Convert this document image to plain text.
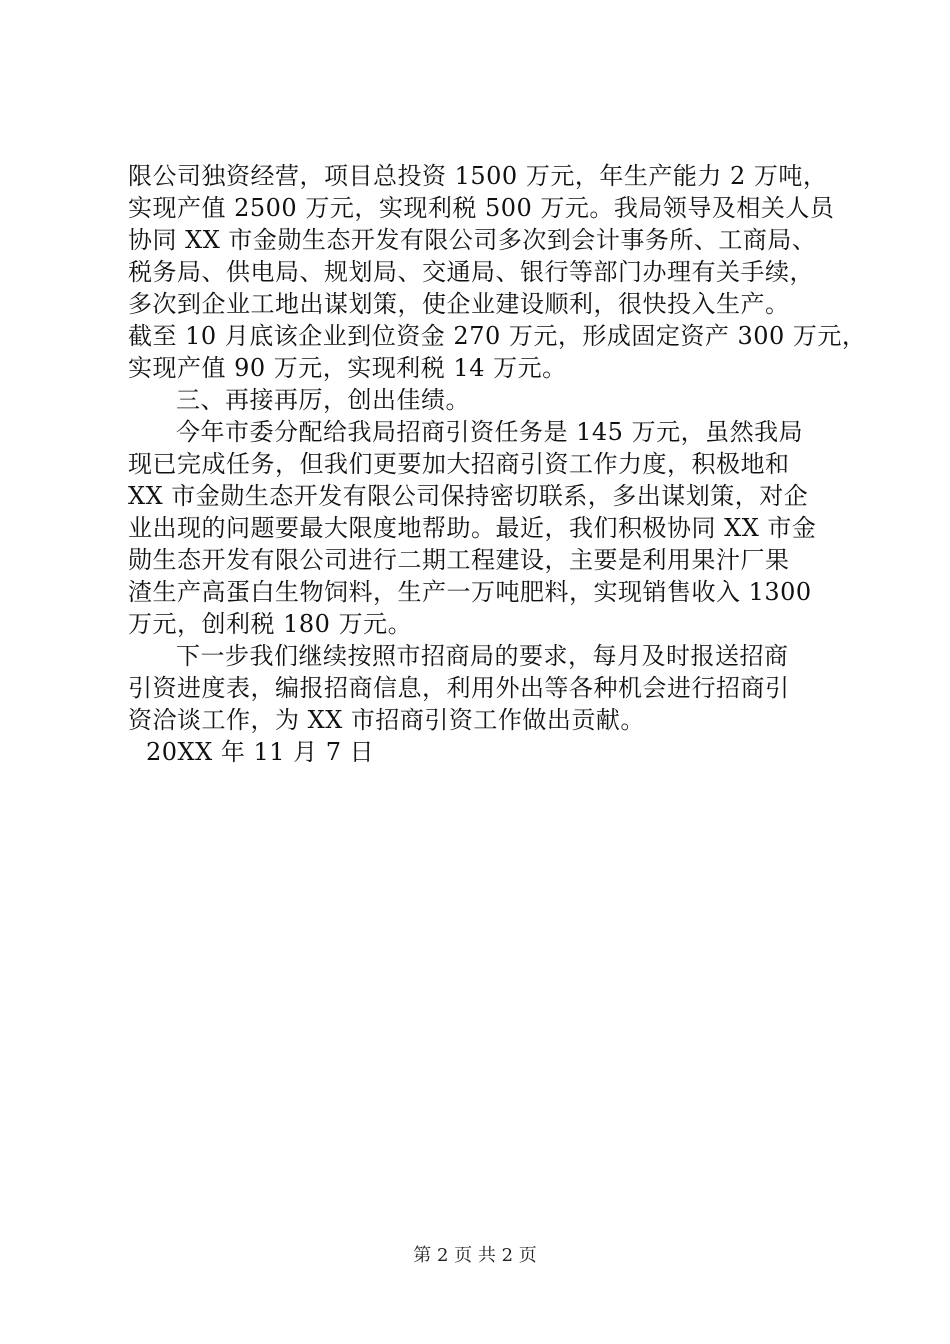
限公司独资经营，项目总投资 1500 万元，年生产能力 2 万吨，
实现产值 2500 万元，实现利税 500 万元。我局领导及相关人员
协同 XX 市金勋生态开发有限公司多次到会计事务所、工商局、
税务局、供电局、规划局、交通局、银行等部门办理有关手续，
多次到企业工地出谋划策，使企业建设顺利，很快投入生产。
截至 10 月底该企业到位资金 270 万元，形成固定资产 300 万元，
实现产值 90 万元，实现利税 14 万元。
三、再接再厉，创出佳绩。
今年市委分配给我局招商引资任务是 145 万元，虽然我局
现已完成任务，但我们更要加大招商引资工作力度，积极地和
XX 市金勋生态开发有限公司保持密切联系，多出谋划策，对企
业出现的问题要最大限度地帮助。最近，我们积极协同 XX 市金
勋生态开发有限公司进行二期工程建设，主要是利用果汁厂果
渣生产高蛋白生物饲料，生产一万吨肥料，实现销售收入 1300
万元，创利税 180 万元。
下一步我们继续按照市招商局的要求，每月及时报送招商
引资进度表，编报招商信息，利用外出等各种机会进行招商引
资洽谈工作，为 XX 市招商引资工作做出贡献。
20XX 年 11 月 7 日
第 2 页 共 2 页
